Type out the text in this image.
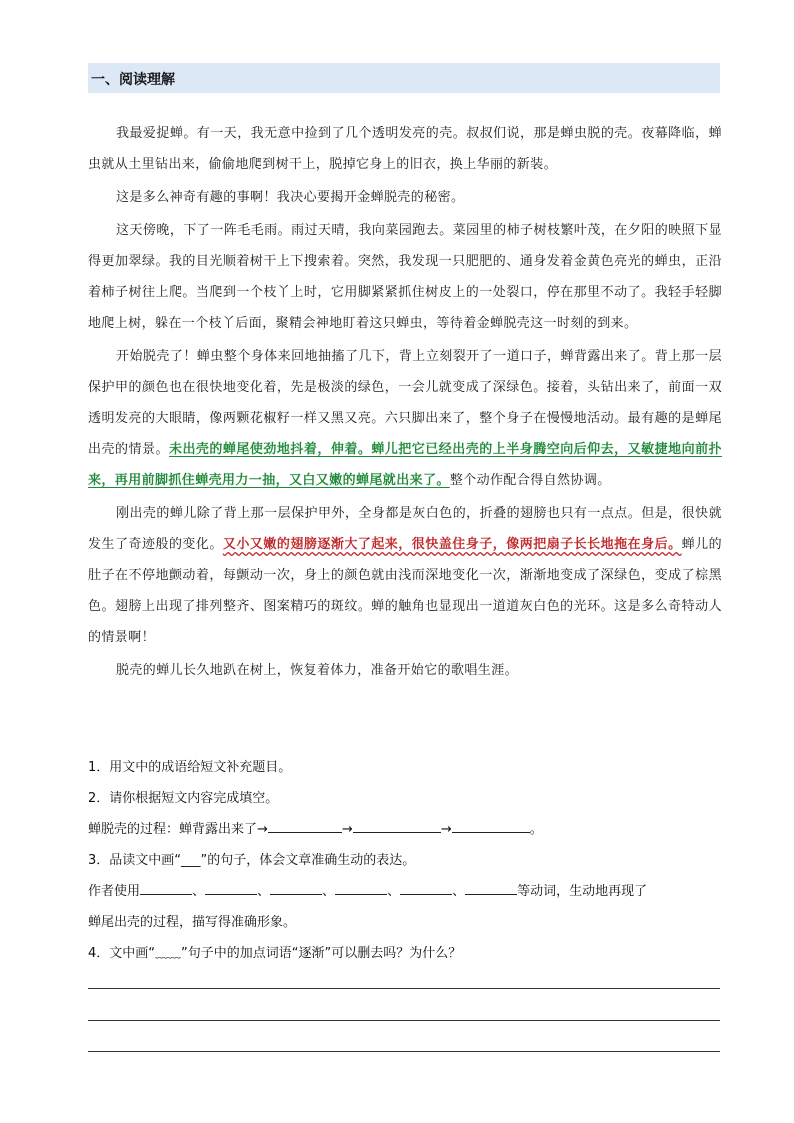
一、阅读理解

我最爱捉蝉。有一天，我无意中捡到了几个透明发亮的壳。叔叔们说，那是蝉虫脱的壳。夜幕降临，蝉虫就从土里钻出来，偷偷地爬到树干上，脱掉它身上的旧衣，换上华丽的新装。

这是多么神奇有趣的事啊！我决心要揭开金蝉脱壳的秘密。

这天傍晚，下了一阵毛毛雨。雨过天晴，我向菜园跑去。菜园里的柿子树枝繁叶茂，在夕阳的映照下显得更加翠绿。我的目光顺着树干上下搜索着。突然，我发现一只肥肥的、通身发着金黄色亮光的蝉虫，正沿着柿子树往上爬。当爬到一个枝丫上时，它用脚紧紧抓住树皮上的一处裂口，停在那里不动了。我轻手轻脚地爬上树，躲在一个枝丫后面，聚精会神地盯着这只蝉虫，等待着金蝉脱壳这一时刻的到来。

开始脱壳了！蝉虫整个身体来回地抽搐了几下，背上立刻裂开了一道口子，蝉背露出来了。背上那一层保护甲的颜色也在很快地变化着，先是极淡的绿色，一会儿就变成了深绿色。接着，头钻出来了，前面一双透明发亮的大眼睛，像两颗花椒籽一样又黑又亮。六只脚出来了，整个身子在慢慢地活动。最有趣的是蝉尾出壳的情景。未出壳的蝉尾使劲地抖着，伸着。蝉儿把它已经出壳的上半身腾空向后仰去，又敏捷地向前扑来，再用前脚抓住蝉壳用力一抽，又白又嫩的蝉尾就出来了。整个动作配合得自然协调。

刚出壳的蝉儿除了背上那一层保护甲外，全身都是灰白色的，折叠的翅膀也只有一点点。但是，很快就发生了奇迹般的变化。又小又嫩的翅膀逐渐大了起来，很快盖住身子，像两把扇子长长地拖在身后。蝉儿的肚子在不停地颤动着，每颤动一次，身上的颜色就由浅而深地变化一次，渐渐地变成了深绿色，变成了棕黑色。翅膀上出现了排列整齐、图案精巧的斑纹。蝉的触角也显现出一道道灰白色的光环。这是多么奇特动人的情景啊！

脱壳的蝉儿长久地趴在树上，恢复着体力，准备开始它的歌唱生涯。

1．用文中的成语给短文补充题目。

2．请你根据短文内容完成填空。

蝉脱壳的过程：蝉背露出来了→	→	→	。

3．品读文中画“___”的句子，体会文章准确生动的表达。

作者使用	、	、	、	、	、	等动词，生动地再现了

蝉尾出壳的过程，描写得准确形象。

4．文中画“﹏﹏”句子中的加点词语“逐渐”可以删去吗？为什么？
